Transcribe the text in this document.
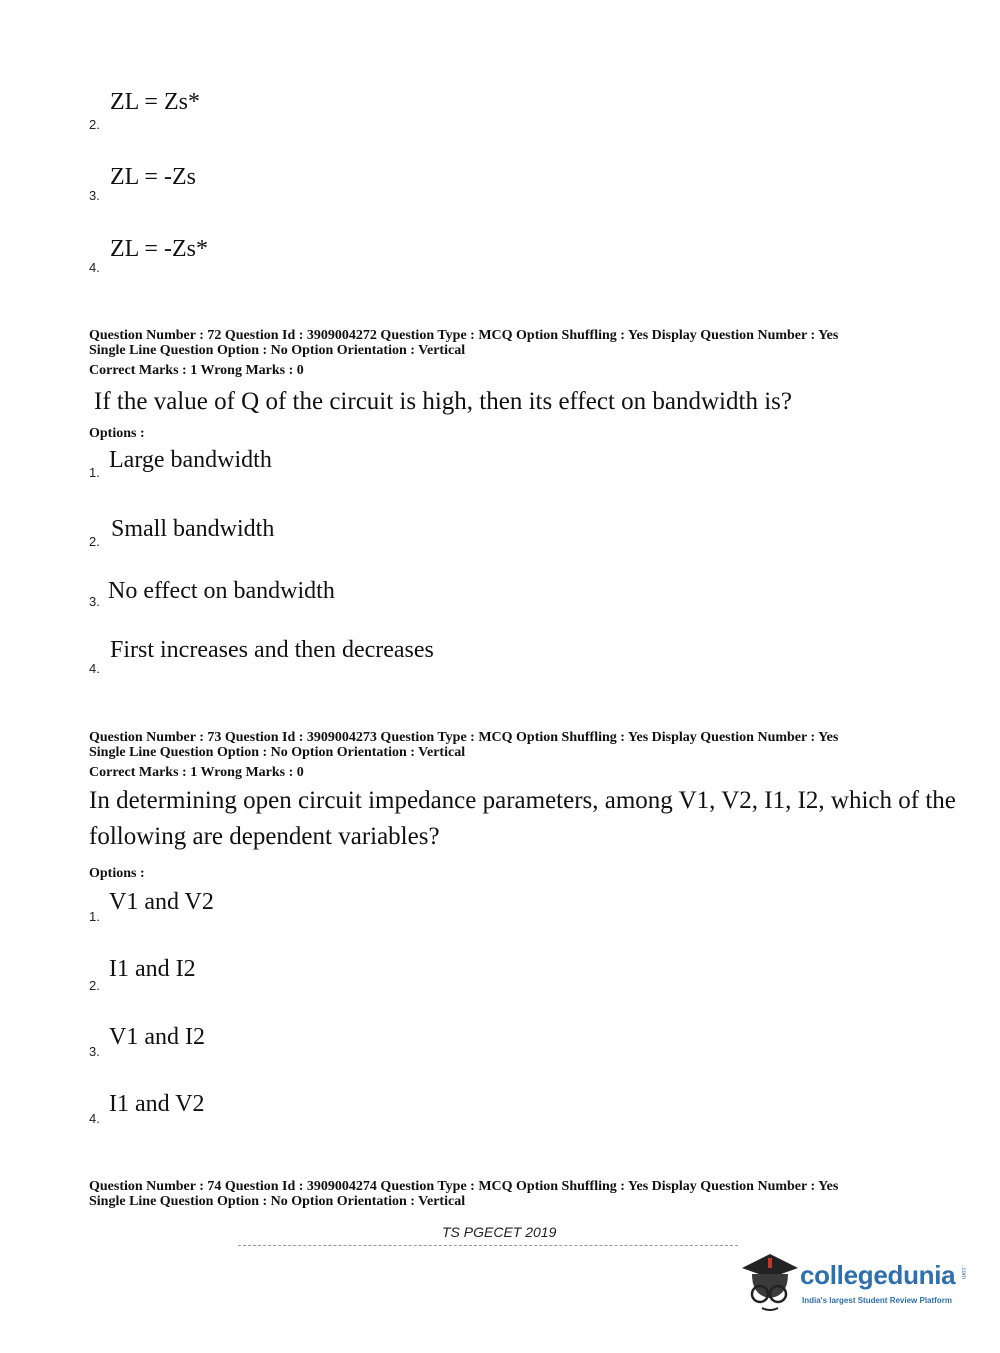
ZL = Zs*
2.
ZL = -Zs
3.
ZL = -Zs*
4.
Question Number : 72 Question Id : 3909004272 Question Type : MCQ Option Shuffling : Yes Display Question Number : Yes
Single Line Question Option : No Option Orientation : Vertical
Correct Marks : 1 Wrong Marks : 0
If the value of Q of the circuit is high, then its effect on bandwidth is?
Options :
Large bandwidth
1.
Small bandwidth
2.
No effect on bandwidth
3.
First increases and then decreases
4.
Question Number : 73 Question Id : 3909004273 Question Type : MCQ Option Shuffling : Yes Display Question Number : Yes
Single Line Question Option : No Option Orientation : Vertical
Correct Marks : 1 Wrong Marks : 0
In determining open circuit impedance parameters, among V1, V2, I1, I2, which of the
following are dependent variables?
Options :
V1 and V2
1.
I1 and I2
2.
V1 and I2
3.
I1 and V2
4.
Question Number : 74 Question Id : 3909004274 Question Type : MCQ Option Shuffling : Yes Display Question Number : Yes
Single Line Question Option : No Option Orientation : Vertical
TS PGECET 2019
collegedunia .com
India's largest Student Review Platform
